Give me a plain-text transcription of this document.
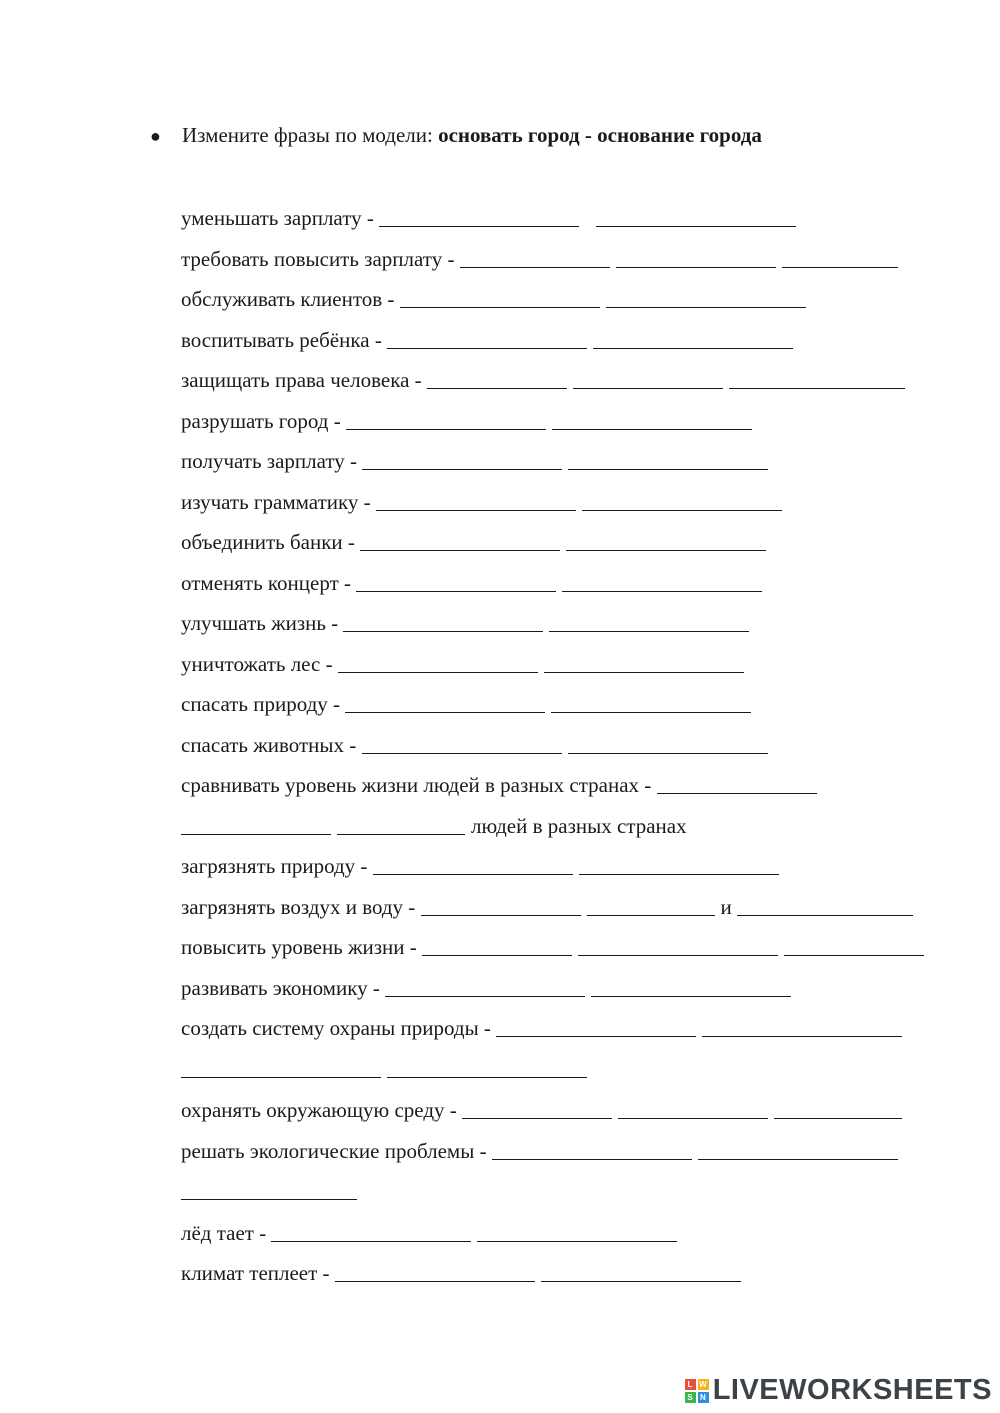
● Измените фразы по модели: основать город - основание города
уменьшать зарплату -
требовать повысить зарплату -
обслуживать клиентов -
воспитывать ребёнка -
защищать права человека -
разрушать город -
получать зарплату -
изучать грамматику -
объединить банки -
отменять концерт -
улучшать жизнь -
уничтожать лес -
спасать природу -
спасать животных -
сравнивать уровень жизни людей в разных странах -
людей в разных странах
загрязнять природу -
загрязнять воздух и воду -	и
повысить уровень жизни -
развивать экономику -
создать систему охраны природы -
охранять окружающую среду -
решать экологические проблемы -
лёд тает -
климат теплеет -
L W
S N LIVEWORKSHEETS
